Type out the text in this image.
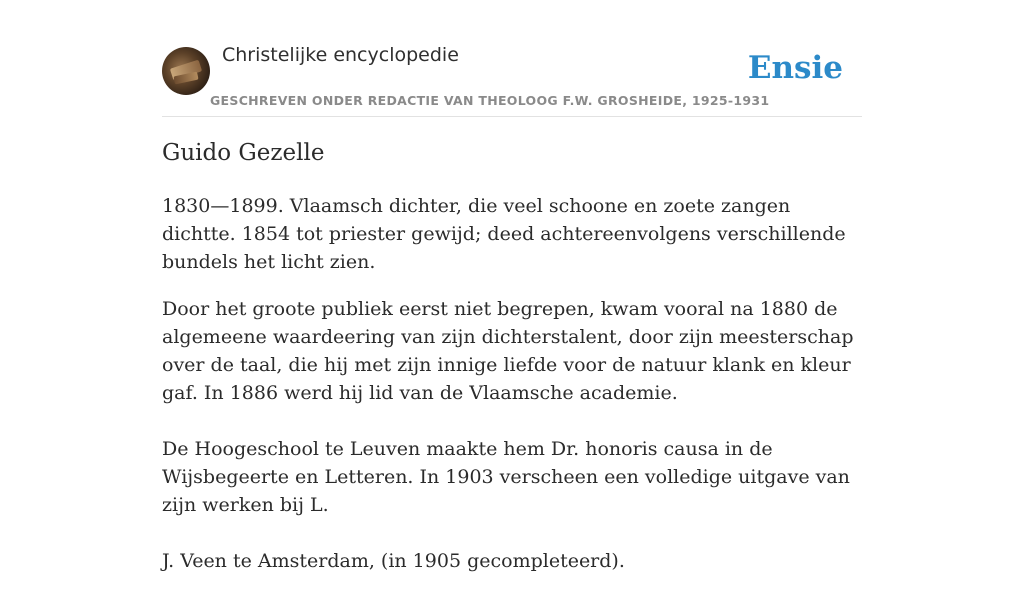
Christelijke encyclopedie
GESCHREVEN ONDER REDACTIE VAN THEOLOOG F.W. GROSHEIDE, 1925-1931
Ensie
Guido Gezelle

1830—1899. Vlaamsch dichter, die veel schoone en zoete zangen dichtte. 1854 tot priester gewijd; deed achtereenvolgens verschillende bundels het licht zien.

Door het groote publiek eerst niet begrepen, kwam vooral na 1880 de algemeene waardeering van zijn dichterstalent, door zijn meesterschap over de taal, die hij met zijn innige liefde voor de natuur klank en kleur gaf. In 1886 werd hij lid van de Vlaamsche academie.

De Hoogeschool te Leuven maakte hem Dr. honoris causa in de Wijsbegeerte en Letteren. In 1903 verscheen een volledige uitgave van zijn werken bij L.

J. Veen te Amsterdam, (in 1905 gecompleteerd).
